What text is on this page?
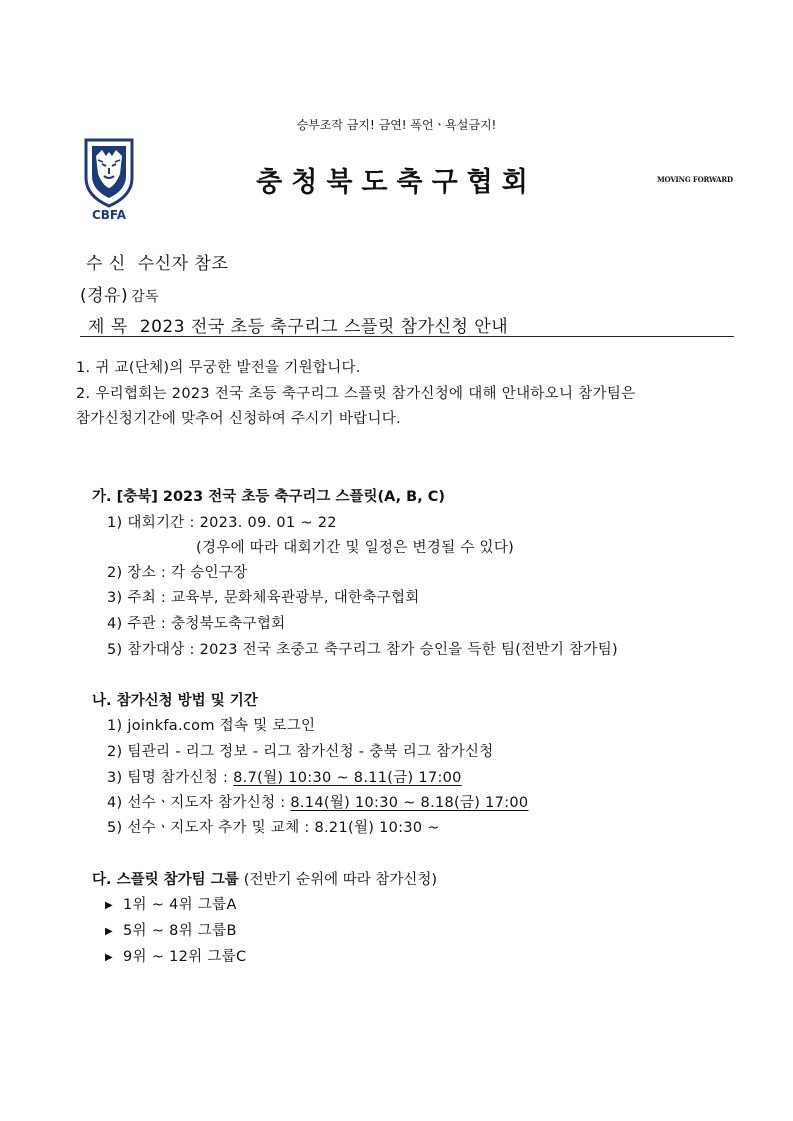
승부조작 금지! 금연! 폭언ㆍ욕설금지!
CBFA
충청북도축구협회	MOVING FORWARD
수 신 수신자 참조
(경유) 감독
제 목 2023 전국 초등 축구리그 스플릿 참가신청 안내
1. 귀 교(단체)의 무궁한 발전을 기원합니다.
2. 우리협회는 2023 전국 초등 축구리그 스플릿 참가신청에 대해 안내하오니 참가팀은
참가신청기간에 맞추어 신청하여 주시기 바랍니다.
가. [충북] 2023 전국 초등 축구리그 스플릿(A, B, C)
1) 대회기간 : 2023. 09. 01 ~ 22
(경우에 따라 대회기간 및 일정은 변경될 수 있다)
2) 장소 : 각 승인구장
3) 주최 : 교육부, 문화체육관광부, 대한축구협회
4) 주관 : 충청북도축구협회
5) 참가대상 : 2023 전국 초중고 축구리그 참가 승인을 득한 팀(전반기 참가팀)
나. 참가신청 방법 및 기간
1) joinkfa.com 접속 및 로그인
2) 팀관리 - 리그 정보 - 리그 참가신청 - 충북 리그 참가신청
3) 팀명 참가신청 : 8.7(월) 10:30 ~ 8.11(금) 17:00
4) 선수ㆍ지도자 참가신청 : 8.14(월) 10:30 ~ 8.18(금) 17:00
5) 선수ㆍ지도자 추가 및 교체 : 8.21(월) 10:30 ~
다. 스플릿 참가팀 그룹 (전반기 순위에 따라 참가신청)
▶ 1위 ~ 4위 그룹A
▶ 5위 ~ 8위 그룹B
▶ 9위 ~ 12위 그룹C
